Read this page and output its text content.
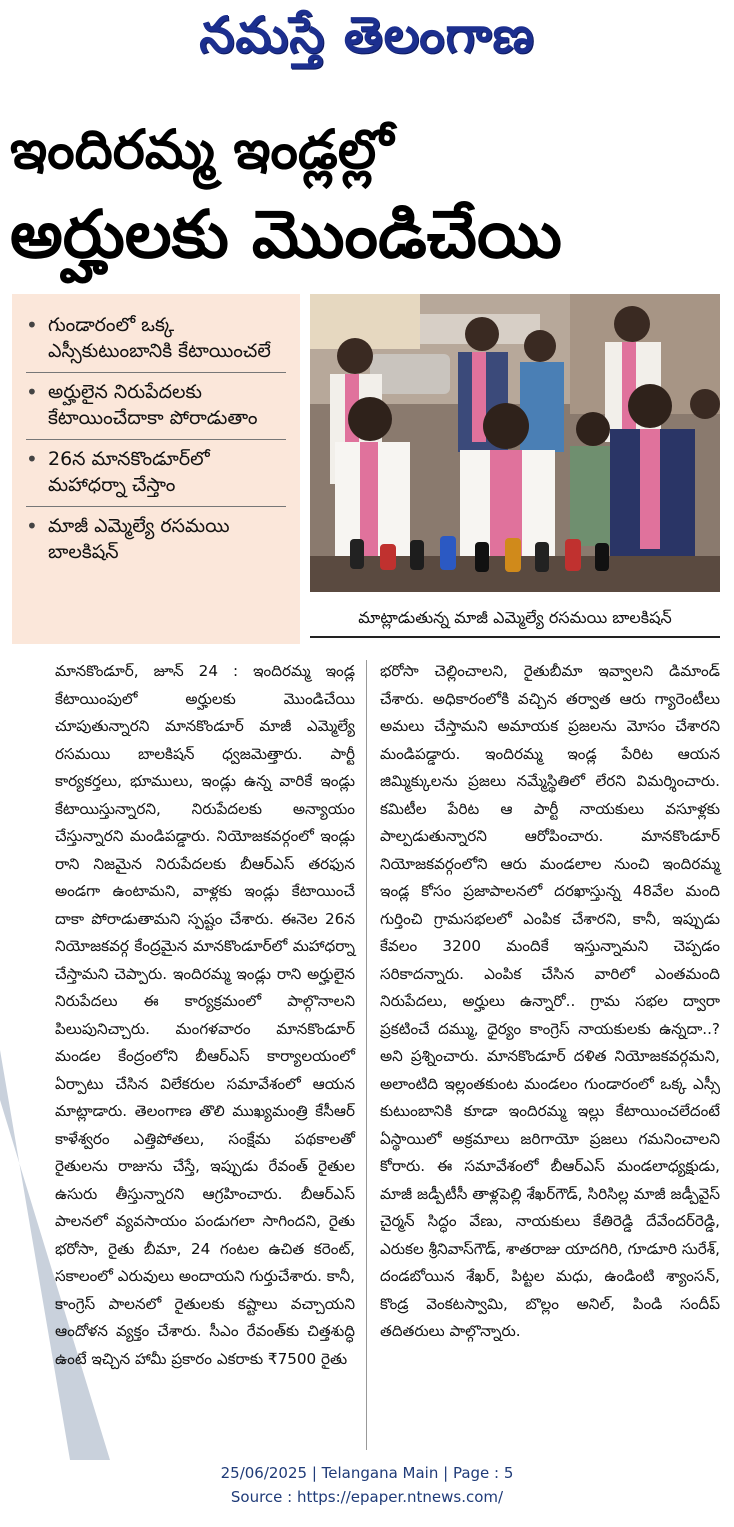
నమస్తే తెలంగాణ
ఇందిరమ్మ ఇండ్లల్లో
అర్హులకు మొండిచేయి
• గుండారంలో ఒక్క ఎస్సీకుటుంబానికి కేటాయించలే
• అర్హులైన నిరుపేదలకు కేటాయించేదాకా పోరాడుతాం
• 26న మానకొండూర్‌లో మహాధర్నా చేస్తాం
• మాజీ ఎమ్మెల్యే రసమయి బాలకిషన్
మాట్లాడుతున్న మాజీ ఎమ్మెల్యే రసమయి బాలకిషన్
మానకొండూర్, జూన్ 24 : ఇందిరమ్మ ఇండ్ల కేటాయింపులో అర్హులకు మొండిచేయి చూపుతున్నారని మానకొండూర్ మాజీ ఎమ్మెల్యే రసమయి బాలకిషన్ ధ్వజమెత్తారు. పార్టీ కార్యకర్తలు, భూములు, ఇండ్లు ఉన్న వారికే ఇండ్లు కేటాయిస్తున్నారని, నిరుపేదలకు అన్యాయం చేస్తున్నారని మండిపడ్డారు. నియోజకవర్గంలో ఇండ్లు రాని నిజమైన నిరుపేదలకు బీఆర్‌ఎస్ తరఫున అండగా ఉంటామని, వాళ్లకు ఇండ్లు కేటాయించే దాకా పోరాడుతామని స్పష్టం చేశారు. ఈనెల 26న నియోజకవర్గ కేంద్రమైన మానకొండూర్‌లో మహాధర్నా చేస్తామని చెప్పారు. ఇందిరమ్మ ఇండ్లు రాని అర్హులైన నిరుపేదలు ఈ కార్యక్రమంలో పాల్గొనాలని పిలుపునిచ్చారు. మంగళవారం మానకొండూర్ మండల కేంద్రంలోని బీఆర్‌ఎస్ కార్యాలయంలో ఏర్పాటు చేసిన విలేకరుల సమావేశంలో ఆయన మాట్లాడారు. తెలంగాణ తొలి ముఖ్యమంత్రి కేసీఆర్ కాళేశ్వరం ఎత్తిపోతలు, సంక్షేమ పథకాలతో రైతులను రాజును చేస్తే, ఇప్పుడు రేవంత్ రైతుల ఉసురు తీస్తున్నారని ఆగ్రహించారు. బీఆర్‌ఎస్ పాలనలో వ్యవసాయం పండుగలా సాగిందని, రైతు భరోసా, రైతు బీమా, 24 గంటల ఉచిత కరెంట్, సకాలంలో ఎరువులు అందాయని గుర్తుచేశారు. కానీ, కాంగ్రెస్ పాలనలో రైతులకు కష్టాలు వచ్చాయని ఆందోళన వ్యక్తం చేశారు. సీఎం రేవంత్‌కు చిత్తశుద్ధి ఉంటే ఇచ్చిన హామీ ప్రకారం ఎకరాకు ₹7500 రైతు
భరోసా చెల్లించాలని, రైతుబీమా ఇవ్వాలని డిమాండ్ చేశారు. అధికారంలోకి వచ్చిన తర్వాత ఆరు గ్యారెంటీలు అమలు చేస్తామని అమాయక ప్రజలను మోసం చేశారని మండిపడ్డారు. ఇందిరమ్మ ఇండ్ల పేరిట ఆయన జిమ్మిక్కులను ప్రజలు నమ్మేస్థితిలో లేరని విమర్శించారు. కమిటీల పేరిట ఆ పార్టీ నాయకులు వసూళ్లకు పాల్పడుతున్నారని ఆరోపించారు. మానకొండూర్ నియోజకవర్గంలోని ఆరు మండలాల నుంచి ఇందిరమ్మ ఇండ్ల కోసం ప్రజాపాలనలో దరఖాస్తున్న 48వేల మంది గుర్తించి గ్రామసభలలో ఎంపిక చేశారని, కానీ, ఇప్పుడు కేవలం 3200 మందికే ఇస్తున్నామని చెప్పడం సరికాదన్నారు. ఎంపిక చేసిన వారిలో ఎంతమంది నిరుపేదలు, అర్హులు ఉన్నారో.. గ్రామ సభల ద్వారా ప్రకటించే దమ్ము, ధైర్యం కాంగ్రెస్ నాయకులకు ఉన్నదా..? అని ప్రశ్నించారు. మానకొండూర్ దళిత నియోజకవర్గమని, అలాంటిది ఇల్లంతకుంట మండలం గుండారంలో ఒక్క ఎస్సీ కుటుంబానికి కూడా ఇందిరమ్మ ఇల్లు కేటాయించలేదంటే ఏస్థాయిలో అక్రమాలు జరిగాయో ప్రజలు గమనించాలని కోరారు. ఈ సమావేశంలో బీఆర్‌ఎస్ మండలాధ్యక్షుడు, మాజీ జడ్పీటీసీ తాళ్లపెల్లి శేఖర్‌గౌడ్, సిరిసిల్ల మాజీ జడ్పీవైస్ చైర్మన్ సిద్ధం వేణు, నాయకులు కేతిరెడ్డి దేవేందర్‌రెడ్డి, ఎరుకల శ్రీనివాస్‌గౌడ్, శాతరాజు యాదగిరి, గూడూరి సురేశ్, దండబోయిన శేఖర్, పిట్టల మధు, ఉండింటి శ్యాంసన్, కొండ్ర వెంకటస్వామి, బొల్లం అనిల్, పిండి సందీప్ తదితరులు పాల్గొన్నారు.
25/06/2025 | Telangana Main | Page : 5
Source : https://epaper.ntnews.com/
